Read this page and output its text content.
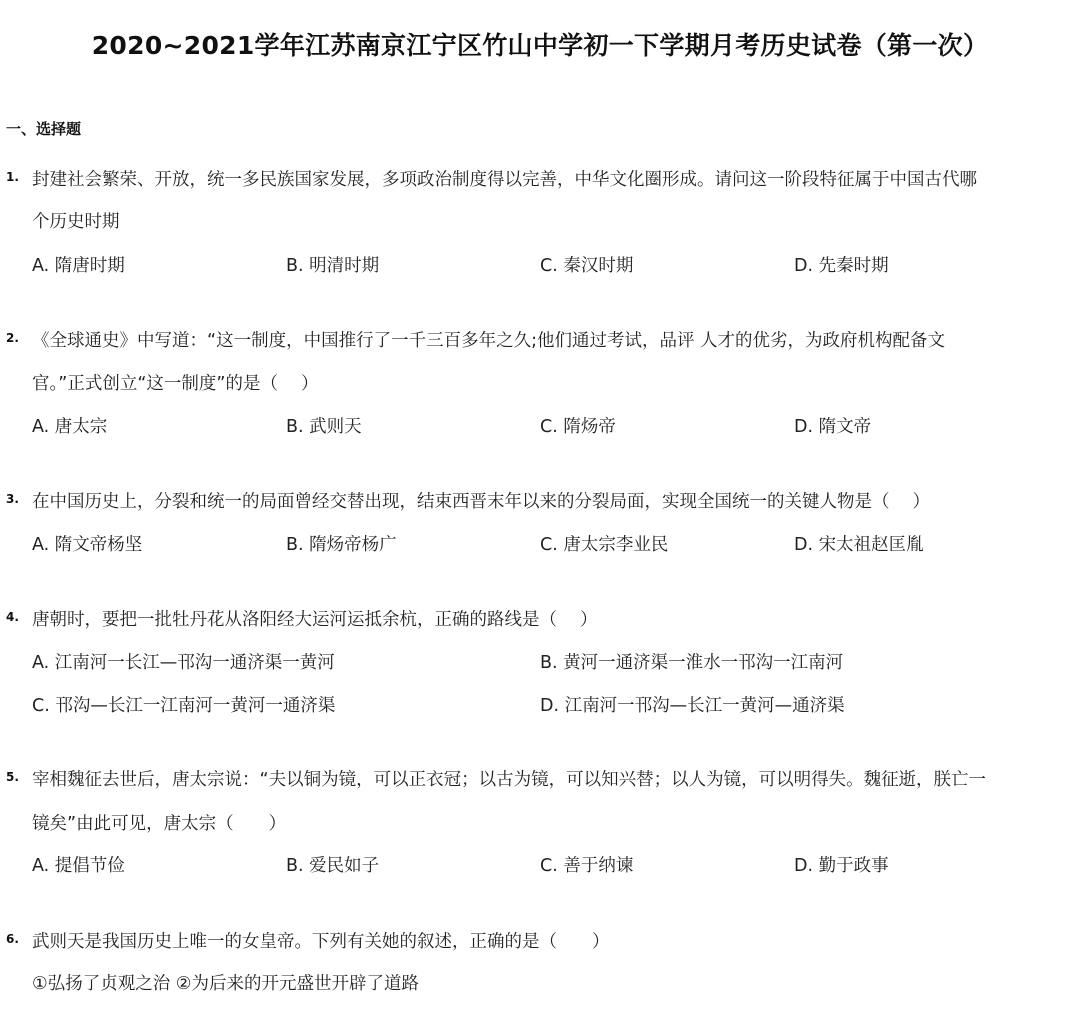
2020~2021学年江苏南京江宁区竹山中学初一下学期月考历史试卷（第一次）
一、选择题
1. 封建社会繁荣、开放，统一多民族国家发展，多项政治制度得以完善，中华文化圈形成。请问这一阶段特征属于中国古代哪
个历史时期
A. 隋唐时期	B. 明清时期	C. 秦汉时期	D. 先秦时期
2. 《全球通史》中写道：“这一制度，中国推行了一千三百多年之久;他们通过考试，品评 人才的优劣，为政府机构配备文
官。”正式创立“这一制度”的是（　 ）
A. 唐太宗	B. 武则天	C. 隋炀帝	D. 隋文帝
3. 在中国历史上，分裂和统一的局面曾经交替出现，结束西晋末年以来的分裂局面，实现全国统一的关键人物是（　 ）
A. 隋文帝杨坚	B. 隋炀帝杨广	C. 唐太宗李业民	D. 宋太祖赵匡胤
4. 唐朝时，要把一批牡丹花从洛阳经大运河运抵余杭，正确的路线是（　 ）
A. 江南河一长江—邗沟一通济渠一黄河	B. 黄河一通济渠一淮水一邗沟一江南河
C. 邗沟—长江一江南河一黄河一通济渠	D. 江南河一邗沟—长江一黄河—通济渠
5. 宰相魏征去世后，唐太宗说：“夫以铜为镜，可以正衣冠；以古为镜，可以知兴替；以人为镜，可以明得失。魏征逝，朕亡一
镜矣”由此可见，唐太宗（　　）
A. 提倡节俭	B. 爱民如子	C. 善于纳谏	D. 勤于政事
6. 武则天是我国历史上唯一的女皇帝。下列有关她的叙述，正确的是（　　）
①弘扬了贞观之治 ②为后来的开元盛世开辟了道路
